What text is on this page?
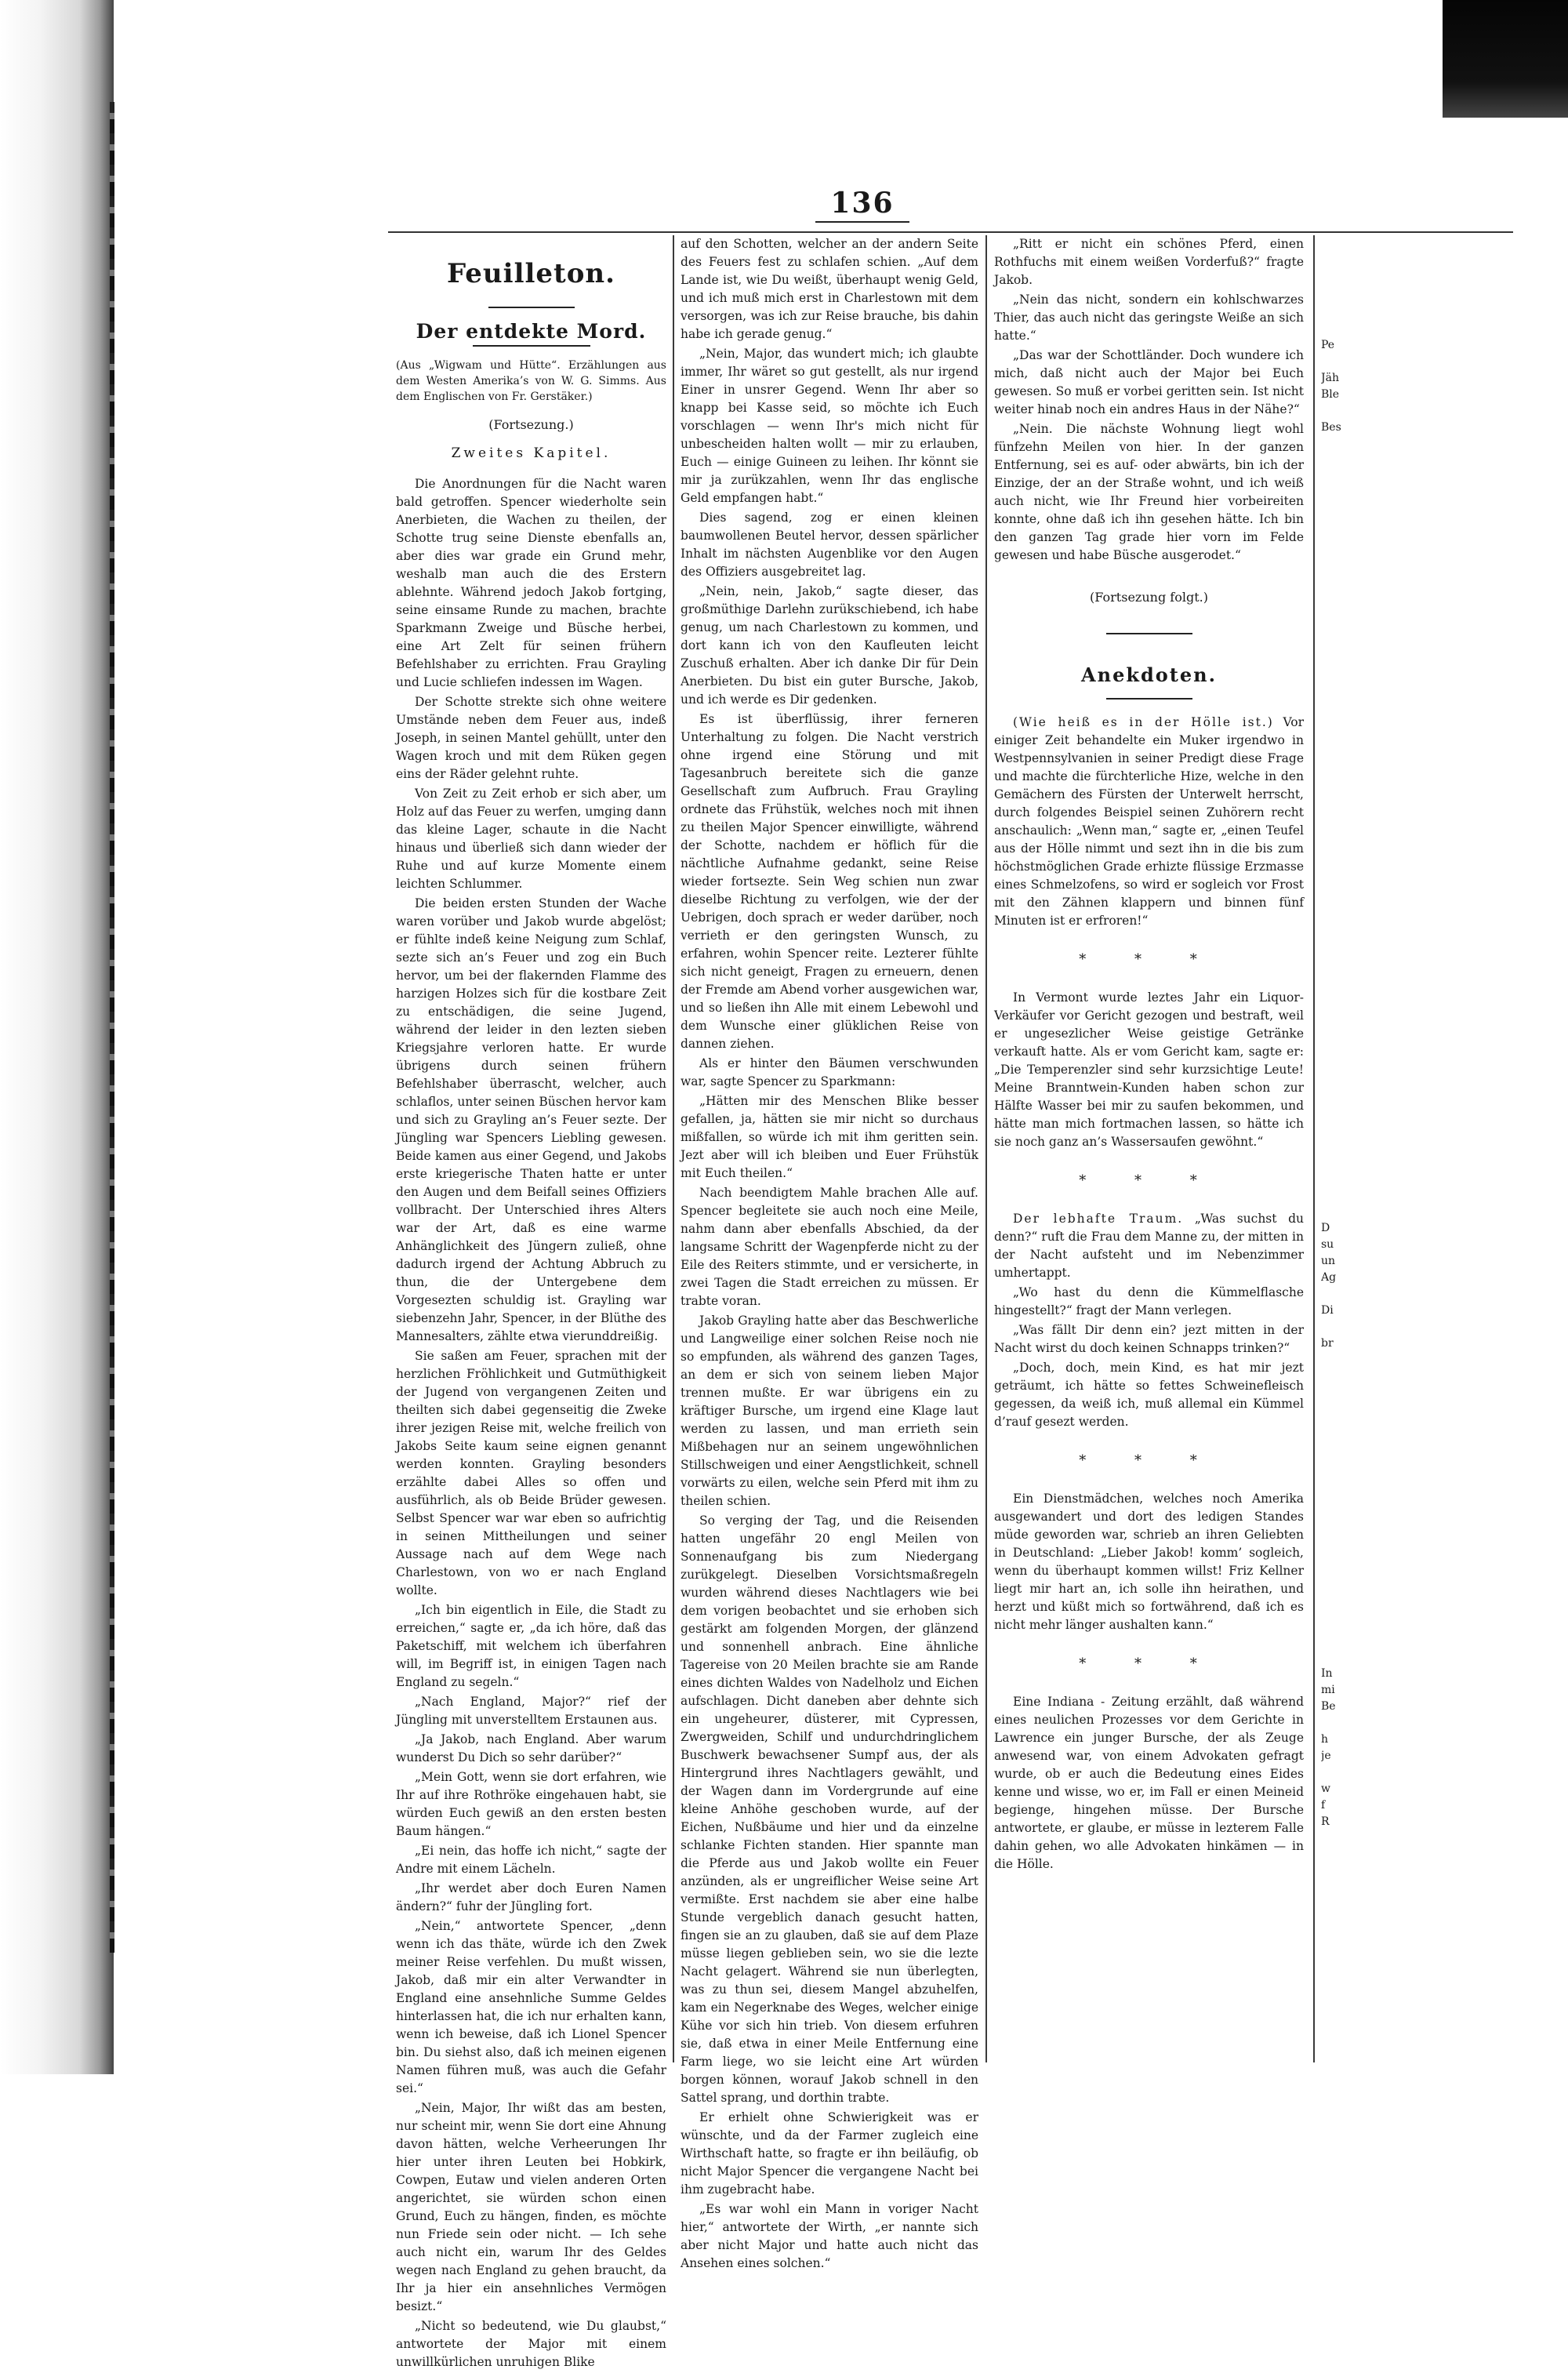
136
Feuilleton.
Der entdekte Mord.
(Aus „Wigwam und Hütte“. Erzählungen aus dem Westen Amerika’s von W. G. Simms. Aus dem Englischen von Fr. Gerstäker.)
(Fortsezung.)
Zweites Kapitel.

Die Anordnungen für die Nacht waren bald getroffen. Spencer wiederholte sein Anerbieten, die Wachen zu theilen, der Schotte trug seine Dienste ebenfalls an, aber dies war grade ein Grund mehr, weshalb man auch die des Erstern ablehnte. Während jedoch Jakob fortging, seine einsame Runde zu machen, brachte Sparkmann Zweige und Büsche herbei, eine Art Zelt für seinen frühern Befehlshaber zu errichten. Frau Grayling und Lucie schliefen indessen im Wagen.

Der Schotte strekte sich ohne weitere Umstände neben dem Feuer aus, indeß Joseph, in seinen Mantel gehüllt, unter den Wagen kroch und mit dem Rüken gegen eins der Räder gelehnt ruhte.

Von Zeit zu Zeit erhob er sich aber, um Holz auf das Feuer zu werfen, umging dann das kleine Lager, schaute in die Nacht hinaus und überließ sich dann wieder der Ruhe und auf kurze Momente einem leichten Schlummer.

Die beiden ersten Stunden der Wache waren vorüber und Jakob wurde abgelöst; er fühlte indeß keine Neigung zum Schlaf, sezte sich an’s Feuer und zog ein Buch hervor, um bei der flakernden Flamme des harzigen Holzes sich für die kostbare Zeit zu entschädigen, die seine Jugend, während der leider in den lezten sieben Kriegsjahre verloren hatte. Er wurde übrigens durch seinen frühern Befehlshaber überrascht, welcher, auch schlaflos, unter seinen Büschen hervor kam und sich zu Grayling an’s Feuer sezte. Der Jüngling war Spencers Liebling gewesen. Beide kamen aus einer Gegend, und Jakobs erste kriegerische Thaten hatte er unter den Augen und dem Beifall seines Offiziers vollbracht. Der Unterschied ihres Alters war der Art, daß es eine warme Anhänglichkeit des Jüngern zuließ, ohne dadurch irgend der Achtung Abbruch zu thun, die der Untergebene dem Vorgesezten schuldig ist. Grayling war siebenzehn Jahr, Spencer, in der Blüthe des Mannesalters, zählte etwa vierunddreißig.

Sie saßen am Feuer, sprachen mit der herzlichen Fröhlichkeit und Gutmüthigkeit der Jugend von vergangenen Zeiten und theilten sich dabei gegenseitig die Zweke ihrer jezigen Reise mit, welche freilich von Jakobs Seite kaum seine eignen genannt werden konnten. Grayling besonders erzählte dabei Alles so offen und ausführlich, als ob Beide Brüder gewesen. Selbst Spencer war war eben so aufrichtig in seinen Mittheilungen und seiner Aussage nach auf dem Wege nach Charlestown, von wo er nach England wollte.

„Ich bin eigentlich in Eile, die Stadt zu erreichen,“ sagte er, „da ich höre, daß das Paketschiff, mit welchem ich überfahren will, im Begriff ist, in einigen Tagen nach England zu segeln.“

„Nach England, Major?“ rief der Jüngling mit unverstelltem Erstaunen aus.

„Ja Jakob, nach England. Aber warum wunderst Du Dich so sehr darüber?“

„Mein Gott, wenn sie dort erfahren, wie Ihr auf ihre Rothröke eingehauen habt, sie würden Euch gewiß an den ersten besten Baum hängen.“

„Ei nein, das hoffe ich nicht,“ sagte der Andre mit einem Lächeln.

„Ihr werdet aber doch Euren Namen ändern?“ fuhr der Jüngling fort.

„Nein,“ antwortete Spencer, „denn wenn ich das thäte, würde ich den Zwek meiner Reise verfehlen. Du mußt wissen, Jakob, daß mir ein alter Verwandter in England eine ansehnliche Summe Geldes hinterlassen hat, die ich nur erhalten kann, wenn ich beweise, daß ich Lionel Spencer bin. Du siehst also, daß ich meinen eigenen Namen führen muß, was auch die Gefahr sei.“

„Nein, Major, Ihr wißt das am besten, nur scheint mir, wenn Sie dort eine Ahnung davon hätten, welche Verheerungen Ihr hier unter ihren Leuten bei Hobkirk, Cowpen, Eutaw und vielen anderen Orten angerichtet, sie würden schon einen Grund, Euch zu hängen, finden, es möchte nun Friede sein oder nicht. — Ich sehe auch nicht ein, warum Ihr des Geldes wegen nach England zu gehen braucht, da Ihr ja hier ein ansehnliches Vermögen besizt.“

„Nicht so bedeutend, wie Du glaubst,“ antwortete der Major mit einem unwillkürlichen unruhigen Blike

auf den Schotten, welcher an der andern Seite des Feuers fest zu schlafen schien. „Auf dem Lande ist, wie Du weißt, überhaupt wenig Geld, und ich muß mich erst in Charlestown mit dem versorgen, was ich zur Reise brauche, bis dahin habe ich gerade genug.“

„Nein, Major, das wundert mich; ich glaubte immer, Ihr wäret so gut gestellt, als nur irgend Einer in unsrer Gegend. Wenn Ihr aber so knapp bei Kasse seid, so möchte ich Euch vorschlagen — wenn Ihr's mich nicht für unbescheiden halten wollt — mir zu erlauben, Euch — einige Guineen zu leihen. Ihr könnt sie mir ja zurükzahlen, wenn Ihr das englische Geld empfangen habt.“

Dies sagend, zog er einen kleinen baumwollenen Beutel hervor, dessen spärlicher Inhalt im nächsten Augenblike vor den Augen des Offiziers ausgebreitet lag.

„Nein, nein, Jakob,“ sagte dieser, das großmüthige Darlehn zurükschiebend, ich habe genug, um nach Charlestown zu kommen, und dort kann ich von den Kaufleuten leicht Zuschuß erhalten. Aber ich danke Dir für Dein Anerbieten. Du bist ein guter Bursche, Jakob, und ich werde es Dir gedenken.

Es ist überflüssig, ihrer ferneren Unterhaltung zu folgen. Die Nacht verstrich ohne irgend eine Störung und mit Tagesanbruch bereitete sich die ganze Gesellschaft zum Aufbruch. Frau Grayling ordnete das Frühstük, welches noch mit ihnen zu theilen Major Spencer einwilligte, während der Schotte, nachdem er höflich für die nächtliche Aufnahme gedankt, seine Reise wieder fortsezte. Sein Weg schien nun zwar dieselbe Richtung zu verfolgen, wie der der Uebrigen, doch sprach er weder darüber, noch verrieth er den geringsten Wunsch, zu erfahren, wohin Spencer reite. Lezterer fühlte sich nicht geneigt, Fragen zu erneuern, denen der Fremde am Abend vorher ausgewichen war, und so ließen ihn Alle mit einem Lebewohl und dem Wunsche einer glüklichen Reise von dannen ziehen.

Als er hinter den Bäumen verschwunden war, sagte Spencer zu Sparkmann:

„Hätten mir des Menschen Blike besser gefallen, ja, hätten sie mir nicht so durchaus mißfallen, so würde ich mit ihm geritten sein. Jezt aber will ich bleiben und Euer Frühstük mit Euch theilen.“

Nach beendigtem Mahle brachen Alle auf. Spencer begleitete sie auch noch eine Meile, nahm dann aber ebenfalls Abschied, da der langsame Schritt der Wagenpferde nicht zu der Eile des Reiters stimmte, und er versicherte, in zwei Tagen die Stadt erreichen zu müssen. Er trabte voran.

Jakob Grayling hatte aber das Beschwerliche und Langweilige einer solchen Reise noch nie so empfunden, als während des ganzen Tages, an dem er sich von seinem lieben Major trennen mußte. Er war übrigens ein zu kräftiger Bursche, um irgend eine Klage laut werden zu lassen, und man errieth sein Mißbehagen nur an seinem ungewöhnlichen Stillschweigen und einer Aengstlichkeit, schnell vorwärts zu eilen, welche sein Pferd mit ihm zu theilen schien.

So verging der Tag, und die Reisenden hatten ungefähr 20 engl Meilen von Sonnenaufgang bis zum Niedergang zurükgelegt. Dieselben Vorsichtsmaßregeln wurden während dieses Nachtlagers wie bei dem vorigen beobachtet und sie erhoben sich gestärkt am folgenden Morgen, der glänzend und sonnenhell anbrach. Eine ähnliche Tagereise von 20 Meilen brachte sie am Rande eines dichten Waldes von Nadelholz und Eichen aufschlagen. Dicht daneben aber dehnte sich ein ungeheurer, düsterer, mit Cypressen, Zwergweiden, Schilf und undurchdringlichem Buschwerk bewachsener Sumpf aus, der als Hintergrund ihres Nachtlagers gewählt, und der Wagen dann im Vordergrunde auf eine kleine Anhöhe geschoben wurde, auf der Eichen, Nußbäume und hier und da einzelne schlanke Fichten standen. Hier spannte man die Pferde aus und Jakob wollte ein Feuer anzünden, als er ungreiflicher Weise seine Art vermißte. Erst nachdem sie aber eine halbe Stunde vergeblich danach gesucht hatten, fingen sie an zu glauben, daß sie auf dem Plaze müsse liegen geblieben sein, wo sie die lezte Nacht gelagert. Während sie nun überlegten, was zu thun sei, diesem Mangel abzuhelfen, kam ein Negerknabe des Weges, welcher einige Kühe vor sich hin trieb. Von diesem erfuhren sie, daß etwa in einer Meile Entfernung eine Farm liege, wo sie leicht eine Art würden borgen können, worauf Jakob schnell in den Sattel sprang, und dorthin trabte.

Er erhielt ohne Schwierigkeit was er wünschte, und da der Farmer zugleich eine Wirthschaft hatte, so fragte er ihn beiläufig, ob nicht Major Spencer die vergangene Nacht bei ihm zugebracht habe.

„Es war wohl ein Mann in voriger Nacht hier,“ antwortete der Wirth, „er nannte sich aber nicht Major und hatte auch nicht das Ansehen eines solchen.“

„Ritt er nicht ein schönes Pferd, einen Rothfuchs mit einem weißen Vorderfuß?“ fragte Jakob.

„Nein das nicht, sondern ein kohlschwarzes Thier, das auch nicht das geringste Weiße an sich hatte.“

„Das war der Schottländer. Doch wundere ich mich, daß nicht auch der Major bei Euch gewesen. So muß er vorbei geritten sein. Ist nicht weiter hinab noch ein andres Haus in der Nähe?“

„Nein. Die nächste Wohnung liegt wohl fünfzehn Meilen von hier. In der ganzen Entfernung, sei es auf- oder abwärts, bin ich der Einzige, der an der Straße wohnt, und ich weiß auch nicht, wie Ihr Freund hier vorbeireiten konnte, ohne daß ich ihn gesehen hätte. Ich bin den ganzen Tag grade hier vorn im Felde gewesen und habe Büsche ausgerodet.“

(Fortsezung folgt.)
Anekdoten.

(Wie heiß es in der Hölle ist.) Vor einiger Zeit behandelte ein Muker irgendwo in Westpennsylvanien in seiner Predigt diese Frage und machte die fürchterliche Hize, welche in den Gemächern des Fürsten der Unterwelt herrscht, durch folgendes Beispiel seinen Zuhörern recht anschaulich: „Wenn man,“ sagte er, „einen Teufel aus der Hölle nimmt und sezt ihn in die bis zum höchstmöglichen Grade erhizte flüssige Erzmasse eines Schmelzofens, so wird er sogleich vor Frost mit den Zähnen klappern und binnen fünf Minuten ist er erfroren!“

* * *

In Vermont wurde leztes Jahr ein Liquor-Verkäufer vor Gericht gezogen und bestraft, weil er ungesezlicher Weise geistige Getränke verkauft hatte. Als er vom Gericht kam, sagte er: „Die Temperenzler sind sehr kurzsichtige Leute! Meine Branntwein-Kunden haben schon zur Hälfte Wasser bei mir zu saufen bekommen, und hätte man mich fortmachen lassen, so hätte ich sie noch ganz an’s Wassersaufen gewöhnt.“

* * *

Der lebhafte Traum. „Was suchst du denn?“ ruft die Frau dem Manne zu, der mitten in der Nacht aufsteht und im Nebenzimmer umhertappt.

„Wo hast du denn die Kümmelflasche hingestellt?“ fragt der Mann verlegen.

„Was fällt Dir denn ein? jezt mitten in der Nacht wirst du doch keinen Schnapps trinken?“

„Doch, doch, mein Kind, es hat mir jezt geträumt, ich hätte so fettes Schweinefleisch gegessen, da weiß ich, muß allemal ein Kümmel d’rauf gesezt werden.

* * *

Ein Dienstmädchen, welches noch Amerika ausgewandert und dort des ledigen Standes müde geworden war, schrieb an ihren Geliebten in Deutschland: „Lieber Jakob! komm’ sogleich, wenn du überhaupt kommen willst! Friz Kellner liegt mir hart an, ich solle ihn heirathen, und herzt und küßt mich so fortwährend, daß ich es nicht mehr länger aushalten kann.“

* * *

Eine Indiana - Zeitung erzählt, daß während eines neulichen Prozesses vor dem Gerichte in Lawrence ein junger Bursche, der als Zeuge anwesend war, von einem Advokaten gefragt wurde, ob er auch die Bedeutung eines Eides kenne und wisse, wo er, im Fall er einen Meineid begienge, hingehen müsse. Der Bursche antwortete, er glaube, er müsse in lezterem Falle dahin gehen, wo alle Advokaten hinkämen — in die Hölle.

Pe
Jäh
Ble
Bes
D
su
un
Ag
Di
br
In
mi
Be
h
je
w
f
R
